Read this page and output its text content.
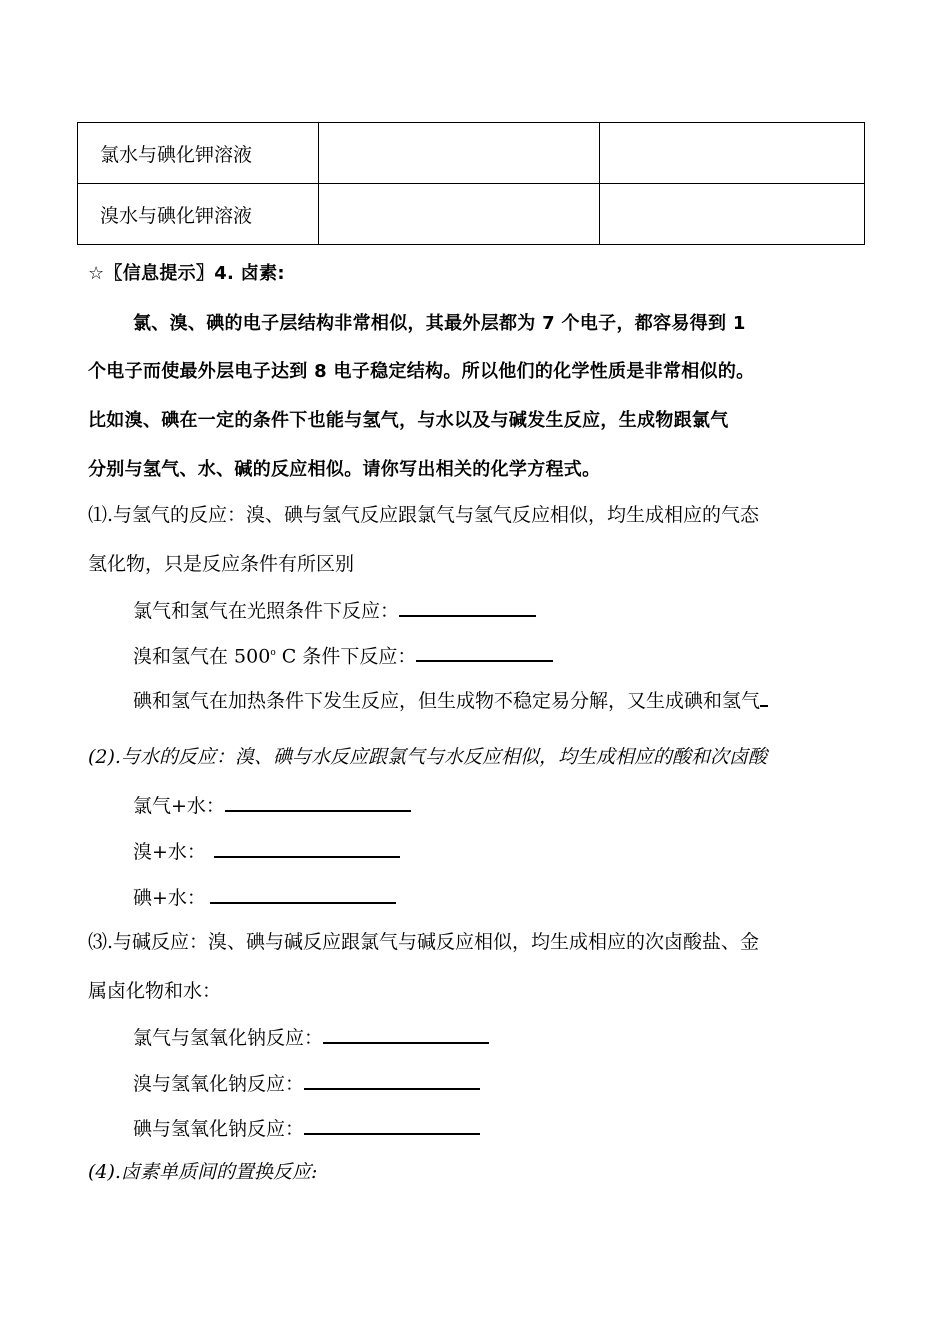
氯水与碘化钾溶液		
溴水与碘化钾溶液		
☆〖信息提示〗4. 卤素:
氯、溴、碘的电子层结构非常相似，其最外层都为 7 个电子，都容易得到 1
个电子而使最外层电子达到 8 电子稳定结构。所以他们的化学性质是非常相似的。
比如溴、碘在一定的条件下也能与氢气，与水以及与碱发生反应，生成物跟氯气
分别与氢气、水、碱的反应相似。请你写出相关的化学方程式。
⑴.与氢气的反应：溴、碘与氢气反应跟氯气与氢气反应相似，均生成相应的气态
氢化物，只是反应条件有所区别
氯气和氢气在光照条件下反应：
溴和氢气在 500$^o$ C 条件下反应：
碘和氢气在加热条件下发生反应，但生成物不稳定易分解，又生成碘和氢气
(2).与水的反应：溴、碘与水反应跟氯气与水反应相似，均生成相应的酸和次卤酸
氯气+水：
溴+水：
碘+水：
⑶.与碱反应：溴、碘与碱反应跟氯气与碱反应相似，均生成相应的次卤酸盐、金
属卤化物和水：
氯气与氢氧化钠反应：
溴与氢氧化钠反应：
碘与氢氧化钠反应：
(4).卤素单质间的置换反应:
